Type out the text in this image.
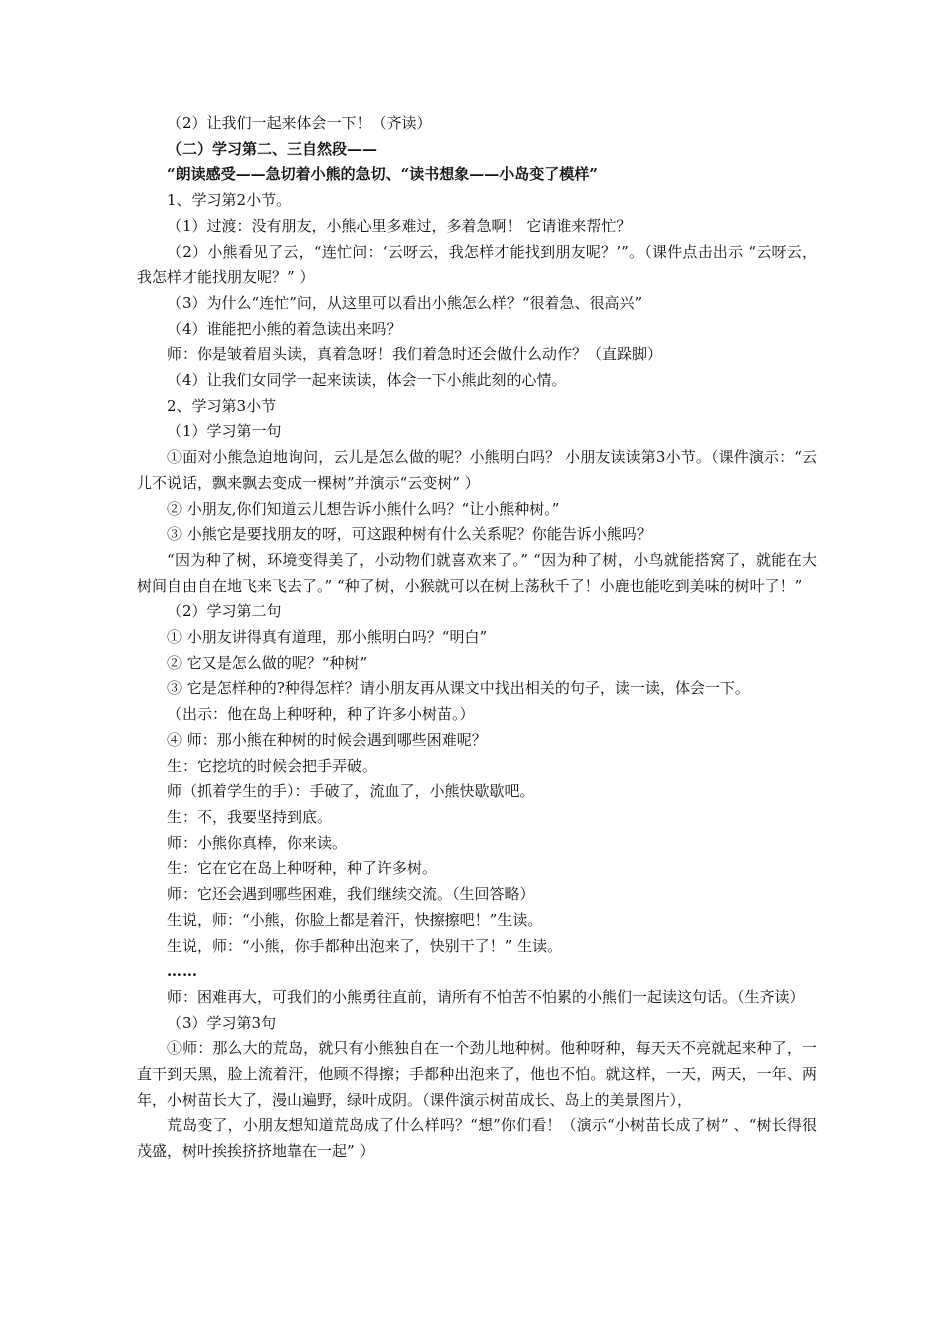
（2）让我们一起来体会一下！（齐读）

（二）学习第二、三自然段——

“朗读感受——急切着小熊的急切、“读书想象——小岛变了模样”

1、学习第2小节。

（1）过渡：没有朋友，小熊心里多难过，多着急啊！ 它请谁来帮忙？

（2）小熊看见了云，“连忙问：‘云呀云，我怎样才能找到朋友呢？’”。（课件点击出示 “云呀云，我怎样才能找朋友呢？” ）

（3）为什么“连忙”问，从这里可以看出小熊怎么样？“很着急、很高兴”

（4）谁能把小熊的着急读出来吗？

师：你是皱着眉头读，真着急呀！我们着急时还会做什么动作？（直跺脚）

（4）让我们女同学一起来读读，体会一下小熊此刻的心情。

2、学习第3小节

（1）学习第一句

①面对小熊急迫地询问，云儿是怎么做的呢？小熊明白吗？ 小朋友读读第3小节。（课件演示：“云儿不说话，飘来飘去变成一棵树”并演示“云变树” ）

② 小朋友,你们知道云儿想告诉小熊什么吗？“让小熊种树。”

③ 小熊它是要找朋友的呀，可这跟种树有什么关系呢？你能告诉小熊吗？

“因为种了树，环境变得美了，小动物们就喜欢来了。” “因为种了树，小鸟就能搭窝了，就能在大树间自由自在地飞来飞去了。” “种了树，小猴就可以在树上荡秋千了！小鹿也能吃到美味的树叶了！”

（2）学习第二句

① 小朋友讲得真有道理，那小熊明白吗？“明白”

② 它又是怎么做的呢？“种树”

③ 它是怎样种的?种得怎样？请小朋友再从课文中找出相关的句子，读一读，体会一下。

（出示：他在岛上种呀种，种了许多小树苗。）

④ 师：那小熊在种树的时候会遇到哪些困难呢？

生：它挖坑的时候会把手弄破。

师（抓着学生的手）：手破了，流血了，小熊快歇歇吧。

生：不，我要坚持到底。

师：小熊你真棒，你来读。

生：它在它在岛上种呀种，种了许多树。

师：它还会遇到哪些困难，我们继续交流。（生回答略）

生说，师：“小熊，你脸上都是着汗，快擦擦吧！”生读。

生说，师：“小熊，你手都种出泡来了，快别干了！” 生读。

……

师：困难再大，可我们的小熊勇往直前，请所有不怕苦不怕累的小熊们一起读这句话。（生齐读）

（3）学习第3句

①师：那么大的荒岛，就只有小熊独自在一个劲儿地种树。他种呀种，每天天不亮就起来种了，一直干到天黑，脸上流着汗，他顾不得擦；手都种出泡来了，他也不怕。就这样，一天，两天，一年、两年，小树苗长大了，漫山遍野，绿叶成阴。（课件演示树苗成长、岛上的美景图片），

荒岛变了，小朋友想知道荒岛成了什么样吗？“想”你们看！（演示“小树苗长成了树” 、“树长得很茂盛，树叶挨挨挤挤地靠在一起” ）
